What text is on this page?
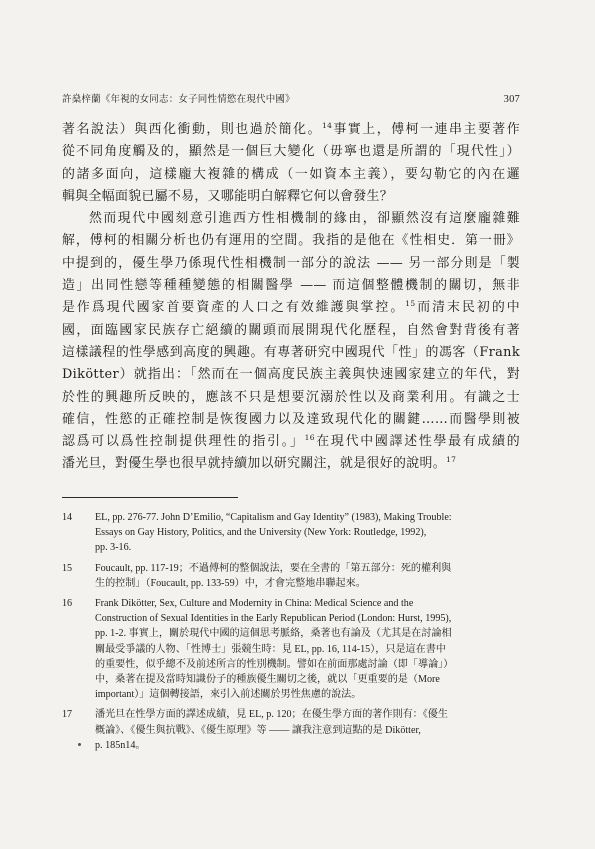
許燊梓蘭《年視的女同志：女子同性情慾在現代中國》	307
著名說法）與西化衝動，則也過於簡化。$^{14}$事實上，傅柯一連串主要著作
從不同角度觸及的，顯然是一個巨大變化（毋寧也還是所謂的「現代性」）
的諸多面向，這樣龐大複雜的構成（一如資本主義），要勾勒它的內在邏
輯與全幅面貌已屬不易，又哪能明白解釋它何以會發生？
然而現代中國刻意引進西方性相機制的緣由，卻顯然沒有這麼龐雜難
解，傅柯的相關分析也仍有運用的空間。我指的是他在《性相史．第一冊》
中提到的，優生學乃係現代性相機制一部分的說法 —— 另一部分則是「製
造」出同性戀等種種變態的相關醫學 —— 而這個整體機制的關切，無非
是作爲現代國家首要資產的人口之有效維護與掌控。$^{15}$而清末民初的中
國，面臨國家民族存亡絕續的關頭而展開現代化歷程，自然會對背後有著
這樣議程的性學感到高度的興趣。有專著研究中國現代「性」的馮客（Frank
Dikötter）就指出：「然而在一個高度民族主義與快速國家建立的年代，對
於性的興趣所反映的，應該不只是想要沉溺於性以及商業利用。有識之士
確信，性慾的正確控制是恢復國力以及達致現代化的關鍵……而醫學則被
認爲可以爲性控制提供理性的指引。」$^{16}$在現代中國譯述性學最有成績的
潘光旦，對優生學也很早就持續加以研究關注，就是很好的說明。$^{17}$
14	EL, pp. 276-77. John D’Emilio, “Capitalism and Gay Identity” (1983), Making Trouble:
Essays on Gay History, Politics, and the University (New York: Routledge, 1992),
pp. 3-16.
15	Foucault, pp. 117-19；不過傅柯的整個說法，要在全書的「第五部分：死的權利與
生的控制」（Foucault, pp. 133-59）中，才會完整地串聯起來。
16	Frank Dikötter, Sex, Culture and Modernity in China: Medical Science and the
Construction of Sexual Identities in the Early Republican Period (London: Hurst, 1995),
pp. 1-2. 事實上，關於現代中國的這個思考脈絡，桑著也有論及（尤其是在討論相
關最受爭議的人物、「性博士」張競生時：見 EL, pp. 16, 114-15），只是這在書中
的重要性，似乎總不及前述所言的性別機制。譬如在前面那處討論（即「導論」）
中，桑著在提及當時知識份子的種族優生關切之後，就以「更重要的是（More
important）」這個轉接語，來引入前述關於男性焦慮的說法。
17	潘光旦在性學方面的譯述成績，見 EL, p. 120；在優生學方面的著作則有：《優生
概論》、《優生與抗戰》、《優生原理》等 —— 讓我注意到這點的是 Dikötter,
p. 185n14。
